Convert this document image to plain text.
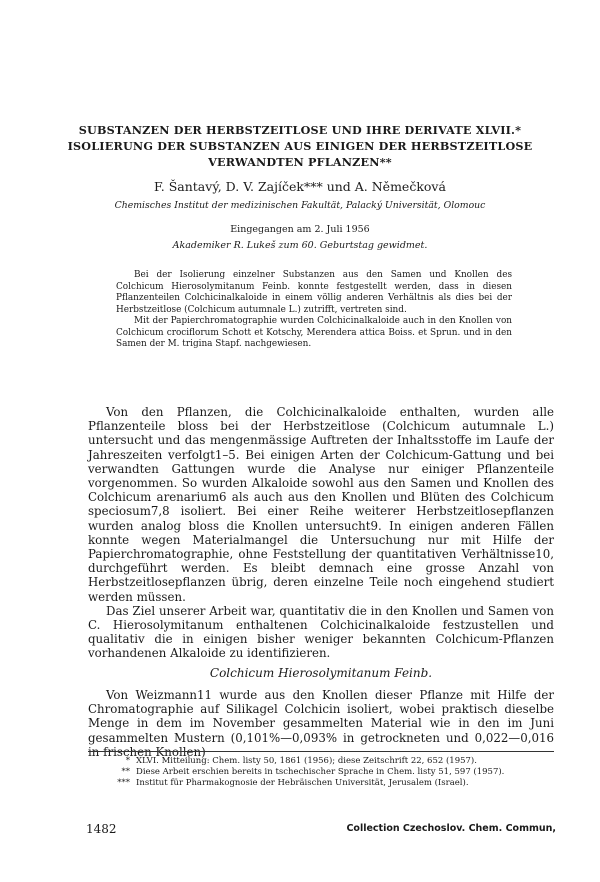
SUBSTANZEN DER HERBSTZEITLOSE UND IHRE DERIVATE XLVII.*
ISOLIERUNG DER SUBSTANZEN AUS EINIGEN DER HERBSTZEITLOSE
VERWANDTEN PFLANZEN**
F. Šantavý, D. V. Zajíček*** und A. Němečková
Chemisches Institut der medizinischen Fakultät, Palacký Universität, Olomouc
Eingegangen am 2. Juli 1956
Akademiker R. Lukeš zum 60. Geburtstag gewidmet.

Bei der Isolierung einzelner Substanzen aus den Samen und Knollen des Colchicum Hierosolymitanum Feinb. konnte festgestellt werden, dass in diesen Pflanzenteilen Colchicinalkaloide in einem völlig anderen Verhältnis als dies bei der Herbstzeitlose (Colchicum autumnale L.) zutrifft, vertreten sind.

Mit der Papierchromatographie wurden Colchicinalkaloide auch in den Knollen von Colchicum crociflorum Schott et Kotschy, Merendera attica Boiss. et Sprun. und in den Samen der M. trigina Stapf. nachgewiesen.

Von den Pflanzen, die Colchicinalkaloide enthalten, wurden alle Pflanzenteile bloss bei der Herbstzeitlose (Colchicum autumnale L.) untersucht und das mengenmässige Auftreten der Inhaltsstoffe im Laufe der Jahreszeiten verfolgt1–5. Bei einigen Arten der Colchicum-Gattung und bei verwandten Gattungen wurde die Analyse nur einiger Pflanzenteile vorgenommen. So wurden Alkaloide sowohl aus den Samen und Knollen des Colchicum arenarium6 als auch aus den Knollen und Blüten des Colchicum speciosum7,8 isoliert. Bei einer Reihe weiterer Herbstzeitlosepflanzen wurden analog bloss die Knollen untersucht9. In einigen anderen Fällen konnte wegen Materialmangel die Untersuchung nur mit Hilfe der Papierchromatographie, ohne Feststellung der quantitativen Verhältnisse10, durchgeführt werden. Es bleibt demnach eine grosse Anzahl von Herbstzeitlosepflanzen übrig, deren einzelne Teile noch eingehend studiert werden müssen.

Das Ziel unserer Arbeit war, quantitativ die in den Knollen und Samen von C. Hierosolymitanum enthaltenen Colchicinalkaloide festzustellen und qualitativ die in einigen bisher weniger bekannten Colchicum-Pflanzen vorhandenen Alkaloide zu identifizieren.

Colchicum Hierosolymitanum Feinb.

Von Weizmann11 wurde aus den Knollen dieser Pflanze mit Hilfe der Chromatographie auf Silikagel Colchicin isoliert, wobei praktisch dieselbe Menge in dem im November gesammelten Material wie in den im Juni gesammelten Mustern (0,101%—0,093% in getrockneten und 0,022—0,016 in frischen Knollen)

* XLVI. Mitteilung: Chem. listy 50, 1861 (1956); diese Zeitschrift 22, 652 (1957).
** Diese Arbeit erschien bereits in tschechischer Sprache in Chem. listy 51, 597 (1957).
*** Institut für Pharmakognosie der Hebräischen Universität, Jerusalem (Israel).
1482	Collection Czechoslov. Chem. Commun,
